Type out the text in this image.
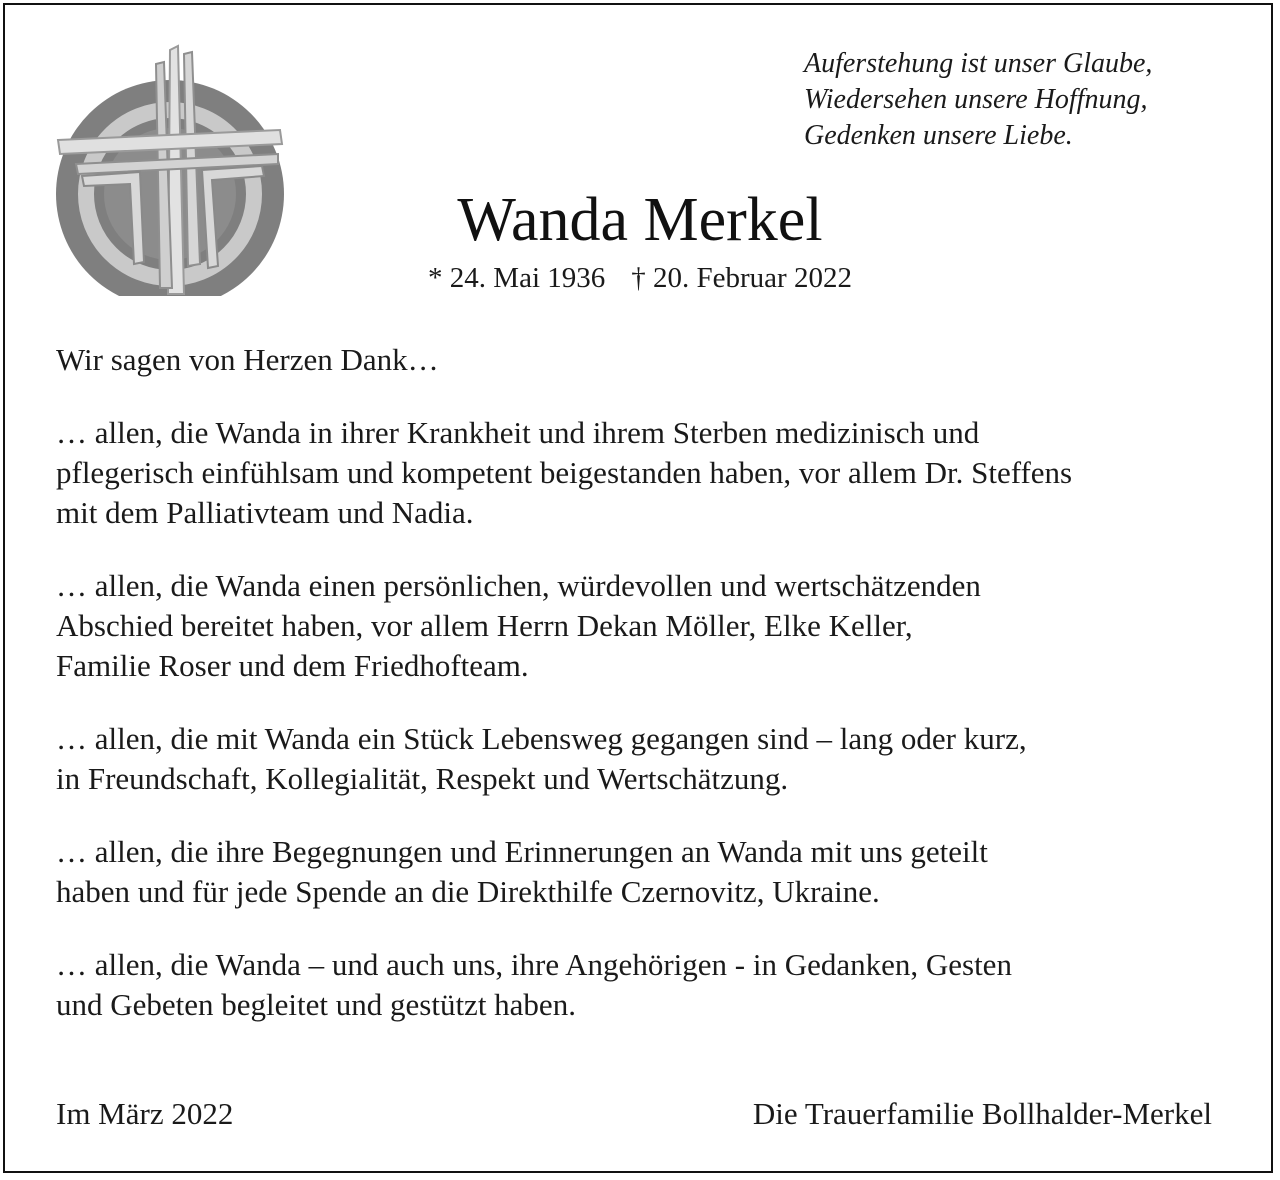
Auferstehung ist unser Glaube,
Wiedersehen unsere Hoffnung,
Gedenken unsere Liebe.
Wanda Merkel
* 24. Mai 1936 † 20. Februar 2022

Wir sagen von Herzen Dank…

… allen, die Wanda in ihrer Krankheit und ihrem Sterben medizinisch und
pflegerisch einfühlsam und kompetent beigestanden haben, vor allem Dr. Steffens
mit dem Palliativteam und Nadia.

… allen, die Wanda einen persönlichen, würdevollen und wertschätzenden
Abschied bereitet haben, vor allem Herrn Dekan Möller, Elke Keller,
Familie Roser und dem Friedhofteam.

… allen, die mit Wanda ein Stück Lebensweg gegangen sind – lang oder kurz,
in Freundschaft, Kollegialität, Respekt und Wertschätzung.

… allen, die ihre Begegnungen und Erinnerungen an Wanda mit uns geteilt
haben und für jede Spende an die Direkthilfe Czernovitz, Ukraine.

… allen, die Wanda – und auch uns, ihre Angehörigen - in Gedanken, Gesten
und Gebeten begleitet und gestützt haben.

Im März 2022	Die Trauerfamilie Bollhalder-Merkel
